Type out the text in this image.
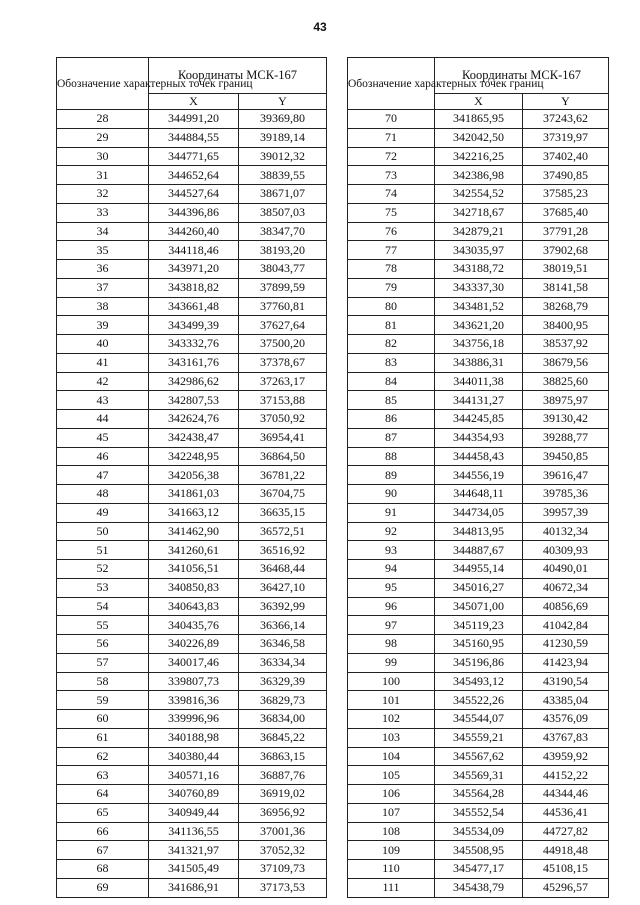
43
Обозначение характерных точек границ	Координаты МСК-167	
	X	Y
28	344991,20	39369,80
29	344884,55	39189,14
30	344771,65	39012,32
31	344652,64	38839,55
32	344527,64	38671,07
33	344396,86	38507,03
34	344260,40	38347,70
35	344118,46	38193,20
36	343971,20	38043,77
37	343818,82	37899,59
38	343661,48	37760,81
39	343499,39	37627,64
40	343332,76	37500,20
41	343161,76	37378,67
42	342986,62	37263,17
43	342807,53	37153,88
44	342624,76	37050,92
45	342438,47	36954,41
46	342248,95	36864,50
47	342056,38	36781,22
48	341861,03	36704,75
49	341663,12	36635,15
50	341462,90	36572,51
51	341260,61	36516,92
52	341056,51	36468,44
53	340850,83	36427,10
54	340643,83	36392,99
55	340435,76	36366,14
56	340226,89	36346,58
57	340017,46	36334,34
58	339807,73	36329,39
59	339816,36	36829,73
60	339996,96	36834,00
61	340188,98	36845,22
62	340380,44	36863,15
63	340571,16	36887,76
64	340760,89	36919,02
65	340949,44	36956,92
66	341136,55	37001,36
67	341321,97	37052,32
68	341505,49	37109,73
69	341686,91	37173,53
Обозначение характерных точек границ	Координаты МСК-167	
	X	Y
70	341865,95	37243,62
71	342042,50	37319,97
72	342216,25	37402,40
73	342386,98	37490,85
74	342554,52	37585,23
75	342718,67	37685,40
76	342879,21	37791,28
77	343035,97	37902,68
78	343188,72	38019,51
79	343337,30	38141,58
80	343481,52	38268,79
81	343621,20	38400,95
82	343756,18	38537,92
83	343886,31	38679,56
84	344011,38	38825,60
85	344131,27	38975,97
86	344245,85	39130,42
87	344354,93	39288,77
88	344458,43	39450,85
89	344556,19	39616,47
90	344648,11	39785,36
91	344734,05	39957,39
92	344813,95	40132,34
93	344887,67	40309,93
94	344955,14	40490,01
95	345016,27	40672,34
96	345071,00	40856,69
97	345119,23	41042,84
98	345160,95	41230,59
99	345196,86	41423,94
100	345493,12	43190,54
101	345522,26	43385,04
102	345544,07	43576,09
103	345559,21	43767,83
104	345567,62	43959,92
105	345569,31	44152,22
106	345564,28	44344,46
107	345552,54	44536,41
108	345534,09	44727,82
109	345508,95	44918,48
110	345477,17	45108,15
111	345438,79	45296,57
